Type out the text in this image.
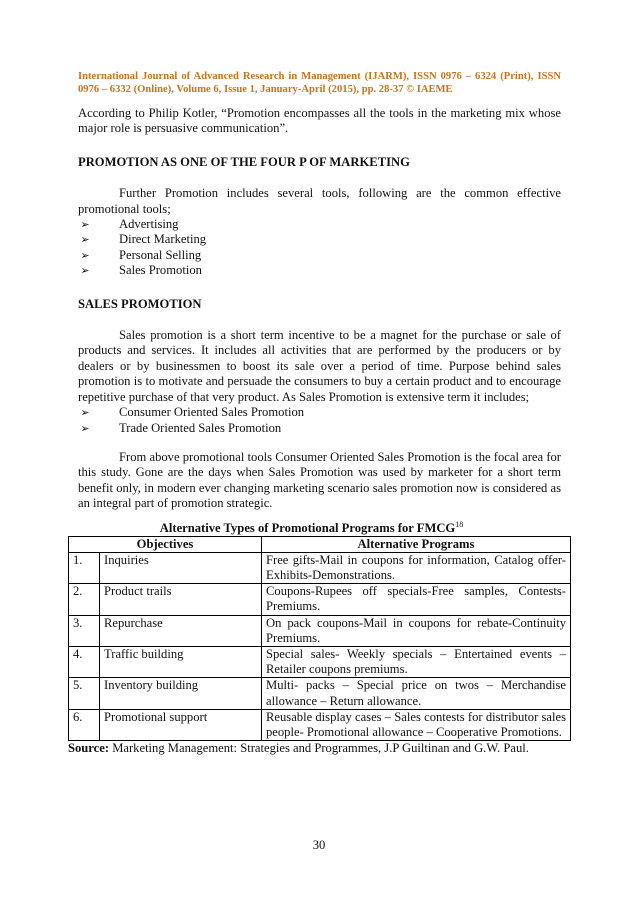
International Journal of Advanced Research in Management (IJARM), ISSN 0976 – 6324 (Print), ISSN 0976 – 6332 (Online), Volume 6, Issue 1, January-April (2015), pp. 28-37 © IAEME

According to Philip Kotler, “Promotion encompasses all the tools in the marketing mix whose major role is persuasive communication”.

PROMOTION AS ONE OF THE FOUR P OF MARKETING

Further Promotion includes several tools, following are the common effective promotional tools;

➢ Advertising
➢ Direct Marketing
➢ Personal Selling
➢ Sales Promotion
SALES PROMOTION

Sales promotion is a short term incentive to be a magnet for the purchase or sale of products and services. It includes all activities that are performed by the producers or by dealers or by businessmen to boost its sale over a period of time. Purpose behind sales promotion is to motivate and persuade the consumers to buy a certain product and to encourage repetitive purchase of that very product. As Sales Promotion is extensive term it includes;

➢ Consumer Oriented Sales Promotion
➢ Trade Oriented Sales Promotion

From above promotional tools Consumer Oriented Sales Promotion is the focal area for this study. Gone are the days when Sales Promotion was used by marketer for a short term benefit only, in modern ever changing marketing scenario sales promotion now is considered as an integral part of promotion strategic.

Alternative Types of Promotional Programs for FMCG$^{18}$

Objectives		Alternative Programs
1.	Inquiries	Free gifts-Mail in coupons for information, Catalog offer-Exhibits-Demonstrations.
2.	Product trails	Coupons-Rupees off specials-Free samples, Contests-Premiums.
3.	Repurchase	On pack coupons-Mail in coupons for rebate-Continuity Premiums.
4.	Traffic building	Special sales- Weekly specials – Entertained events – Retailer coupons premiums.
5.	Inventory building	Multi- packs – Special price on twos – Merchandise allowance – Return allowance.
6.	Promotional support	Reusable display cases – Sales contests for distributor sales people- Promotional allowance – Cooperative Promotions.

Source: Marketing Management: Strategies and Programmes, J.P Guiltinan and G.W. Paul.

30
